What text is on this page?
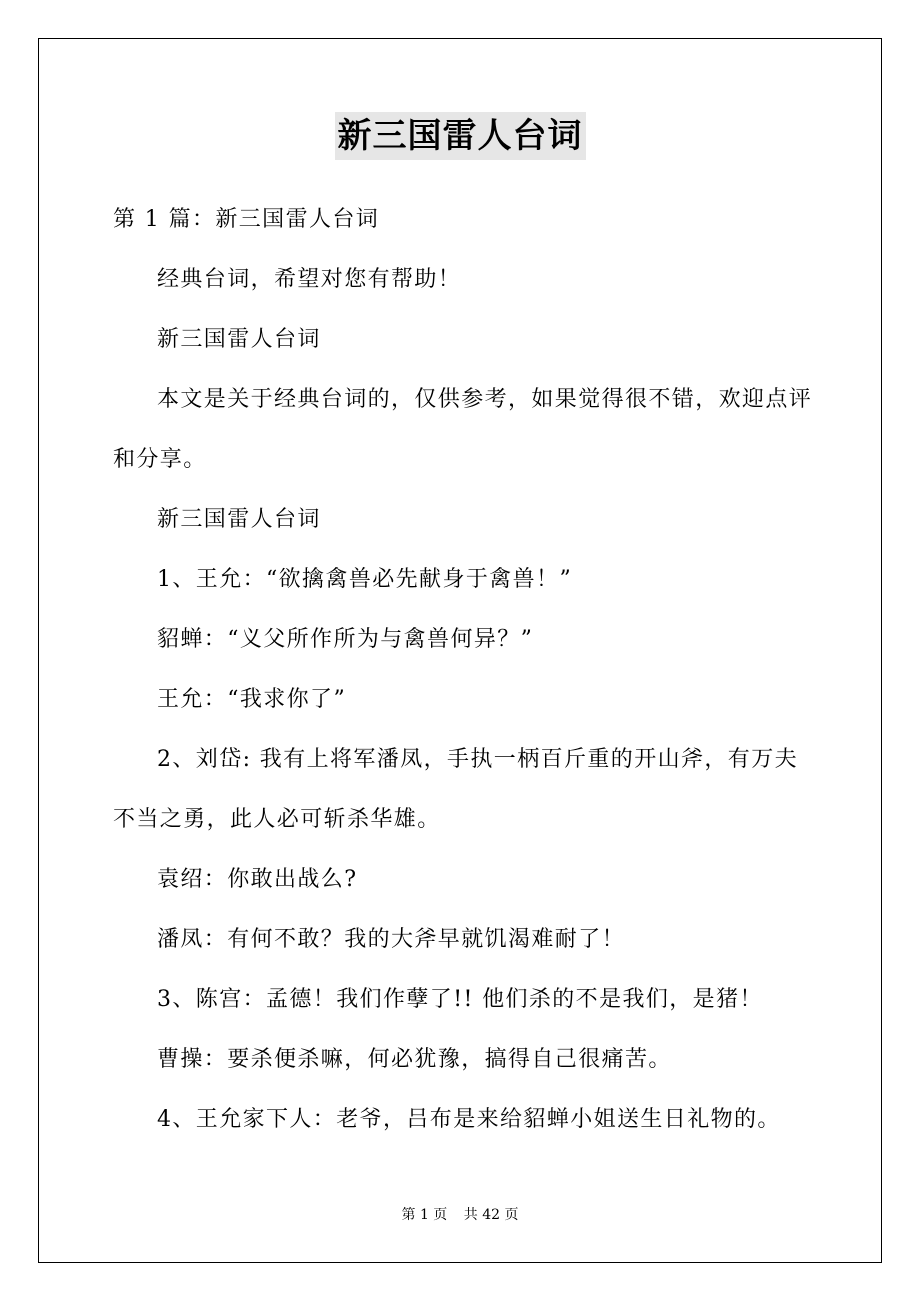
新三国雷人台词

第 1 篇：新三国雷人台词

经典台词，希望对您有帮助！

新三国雷人台词

本文是关于经典台词的，仅供参考，如果觉得很不错，欢迎点评和分享。

新三国雷人台词

1、王允：“欲擒禽兽必先献身于禽兽！”

貂蝉：“义父所作所为与禽兽何异？”

王允：“我求你了”

2、刘岱: 我有上将军潘凤，手执一柄百斤重的开山斧，有万夫不当之勇，此人必可斩杀华雄。

袁绍：你敢出战么?

潘凤：有何不敢？我的大斧早就饥渴难耐了！

3、陈宫：孟德！我们作孽了!! 他们杀的不是我们，是猪！

曹操：要杀便杀嘛，何必犹豫，搞得自己很痛苦。

4、王允家下人：老爷，吕布是来给貂蝉小姐送生日礼物的。

第 1 页 共 42 页
